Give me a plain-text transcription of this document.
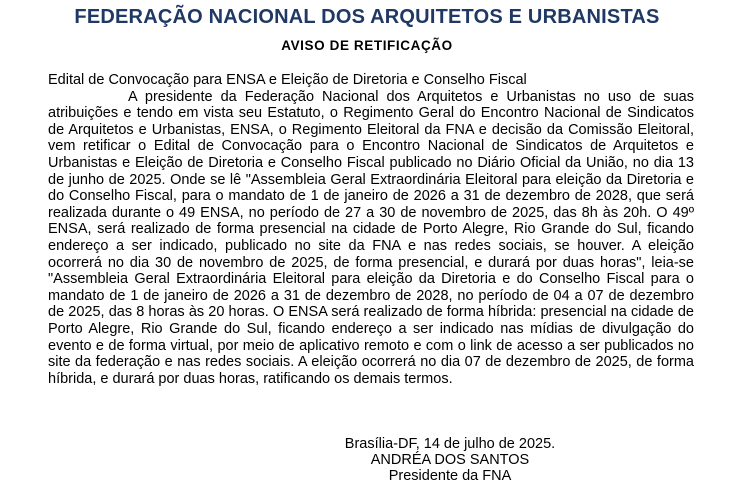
FEDERAÇÃO NACIONAL DOS ARQUITETOS E URBANISTAS
AVISO DE RETIFICAÇÃO
Edital de Convocação para ENSA e Eleição de Diretoria e Conselho Fiscal

A presidente da Federação Nacional dos Arquitetos e Urbanistas no uso de suas atribuições e tendo em vista seu Estatuto, o Regimento Geral do Encontro Nacional de Sindicatos de Arquitetos e Urbanistas, ENSA, o Regimento Eleitoral da FNA e decisão da Comissão Eleitoral, vem retificar o Edital de Convocação para o Encontro Nacional de Sindicatos de Arquitetos e Urbanistas e Eleição de Diretoria e Conselho Fiscal publicado no Diário Oficial da União, no dia 13 de junho de 2025. Onde se lê "Assembleia Geral Extraordinária Eleitoral para eleição da Diretoria e do Conselho Fiscal, para o mandato de 1 de janeiro de 2026 a 31 de dezembro de 2028, que será realizada durante o 49 ENSA, no período de 27 a 30 de novembro de 2025, das 8h às 20h. O 49º ENSA, será realizado de forma presencial na cidade de Porto Alegre, Rio Grande do Sul, ficando endereço a ser indicado, publicado no site da FNA e nas redes sociais, se houver. A eleição ocorrerá no dia 30 de novembro de 2025, de forma presencial, e durará por duas horas", leia-se "Assembleia Geral Extraordinária Eleitoral para eleição da Diretoria e do Conselho Fiscal para o mandato de 1 de janeiro de 2026 a 31 de dezembro de 2028, no período de 04 a 07 de dezembro de 2025, das 8 horas às 20 horas. O ENSA será realizado de forma híbrida: presencial na cidade de Porto Alegre, Rio Grande do Sul, ficando endereço a ser indicado nas mídias de divulgação do evento e de forma virtual, por meio de aplicativo remoto e com o link de acesso a ser publicados no site da federação e nas redes sociais. A eleição ocorrerá no dia 07 de dezembro de 2025, de forma híbrida, e durará por duas horas, ratificando os demais termos.

Brasília-DF, 14 de julho de 2025.
ANDRÉA DOS SANTOS
Presidente da FNA
